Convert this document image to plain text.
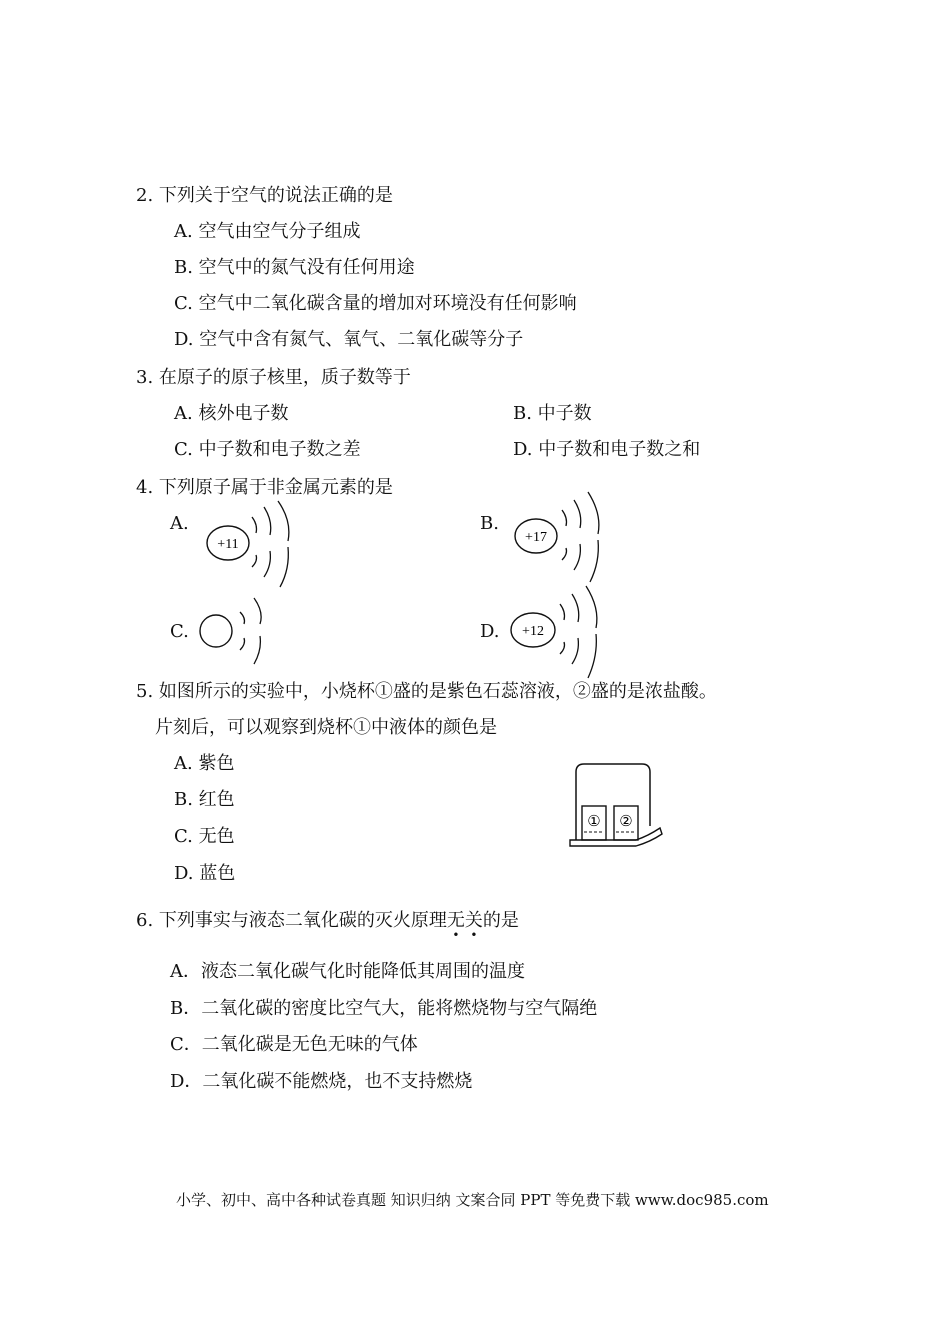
2. 下列关于空气的说法正确的是
A. 空气由空气分子组成
B. 空气中的氮气没有任何用途
C. 空气中二氧化碳含量的增加对环境没有任何影响
D. 空气中含有氮气、氧气、二氧化碳等分子
3. 在原子的原子核里，质子数等于
A. 核外电子数	B. 中子数
C. 中子数和电子数之差	D. 中子数和电子数之和
4. 下列原子属于非金属元素的是
A.
+11
B.
+17
C.	D. +12
5. 如图所示的实验中，小烧杯①盛的是紫色石蕊溶液，②盛的是浓盐酸。
片刻后，可以观察到烧杯①中液体的颜色是
A. 紫色
B. 红色
C. 无色
D. 蓝色
① ②
6. 下列事实与液态二氧化碳的灭火原理无
•
关
•
的是
A．液态二氧化碳气化时能降低其周围的温度
B．二氧化碳的密度比空气大，能将燃烧物与空气隔绝
C．二氧化碳是无色无味的气体
D．二氧化碳不能燃烧，也不支持燃烧
小学、初中、高中各种试卷真题 知识归纳 文案合同 PPT 等免费下载 www.doc985.com
